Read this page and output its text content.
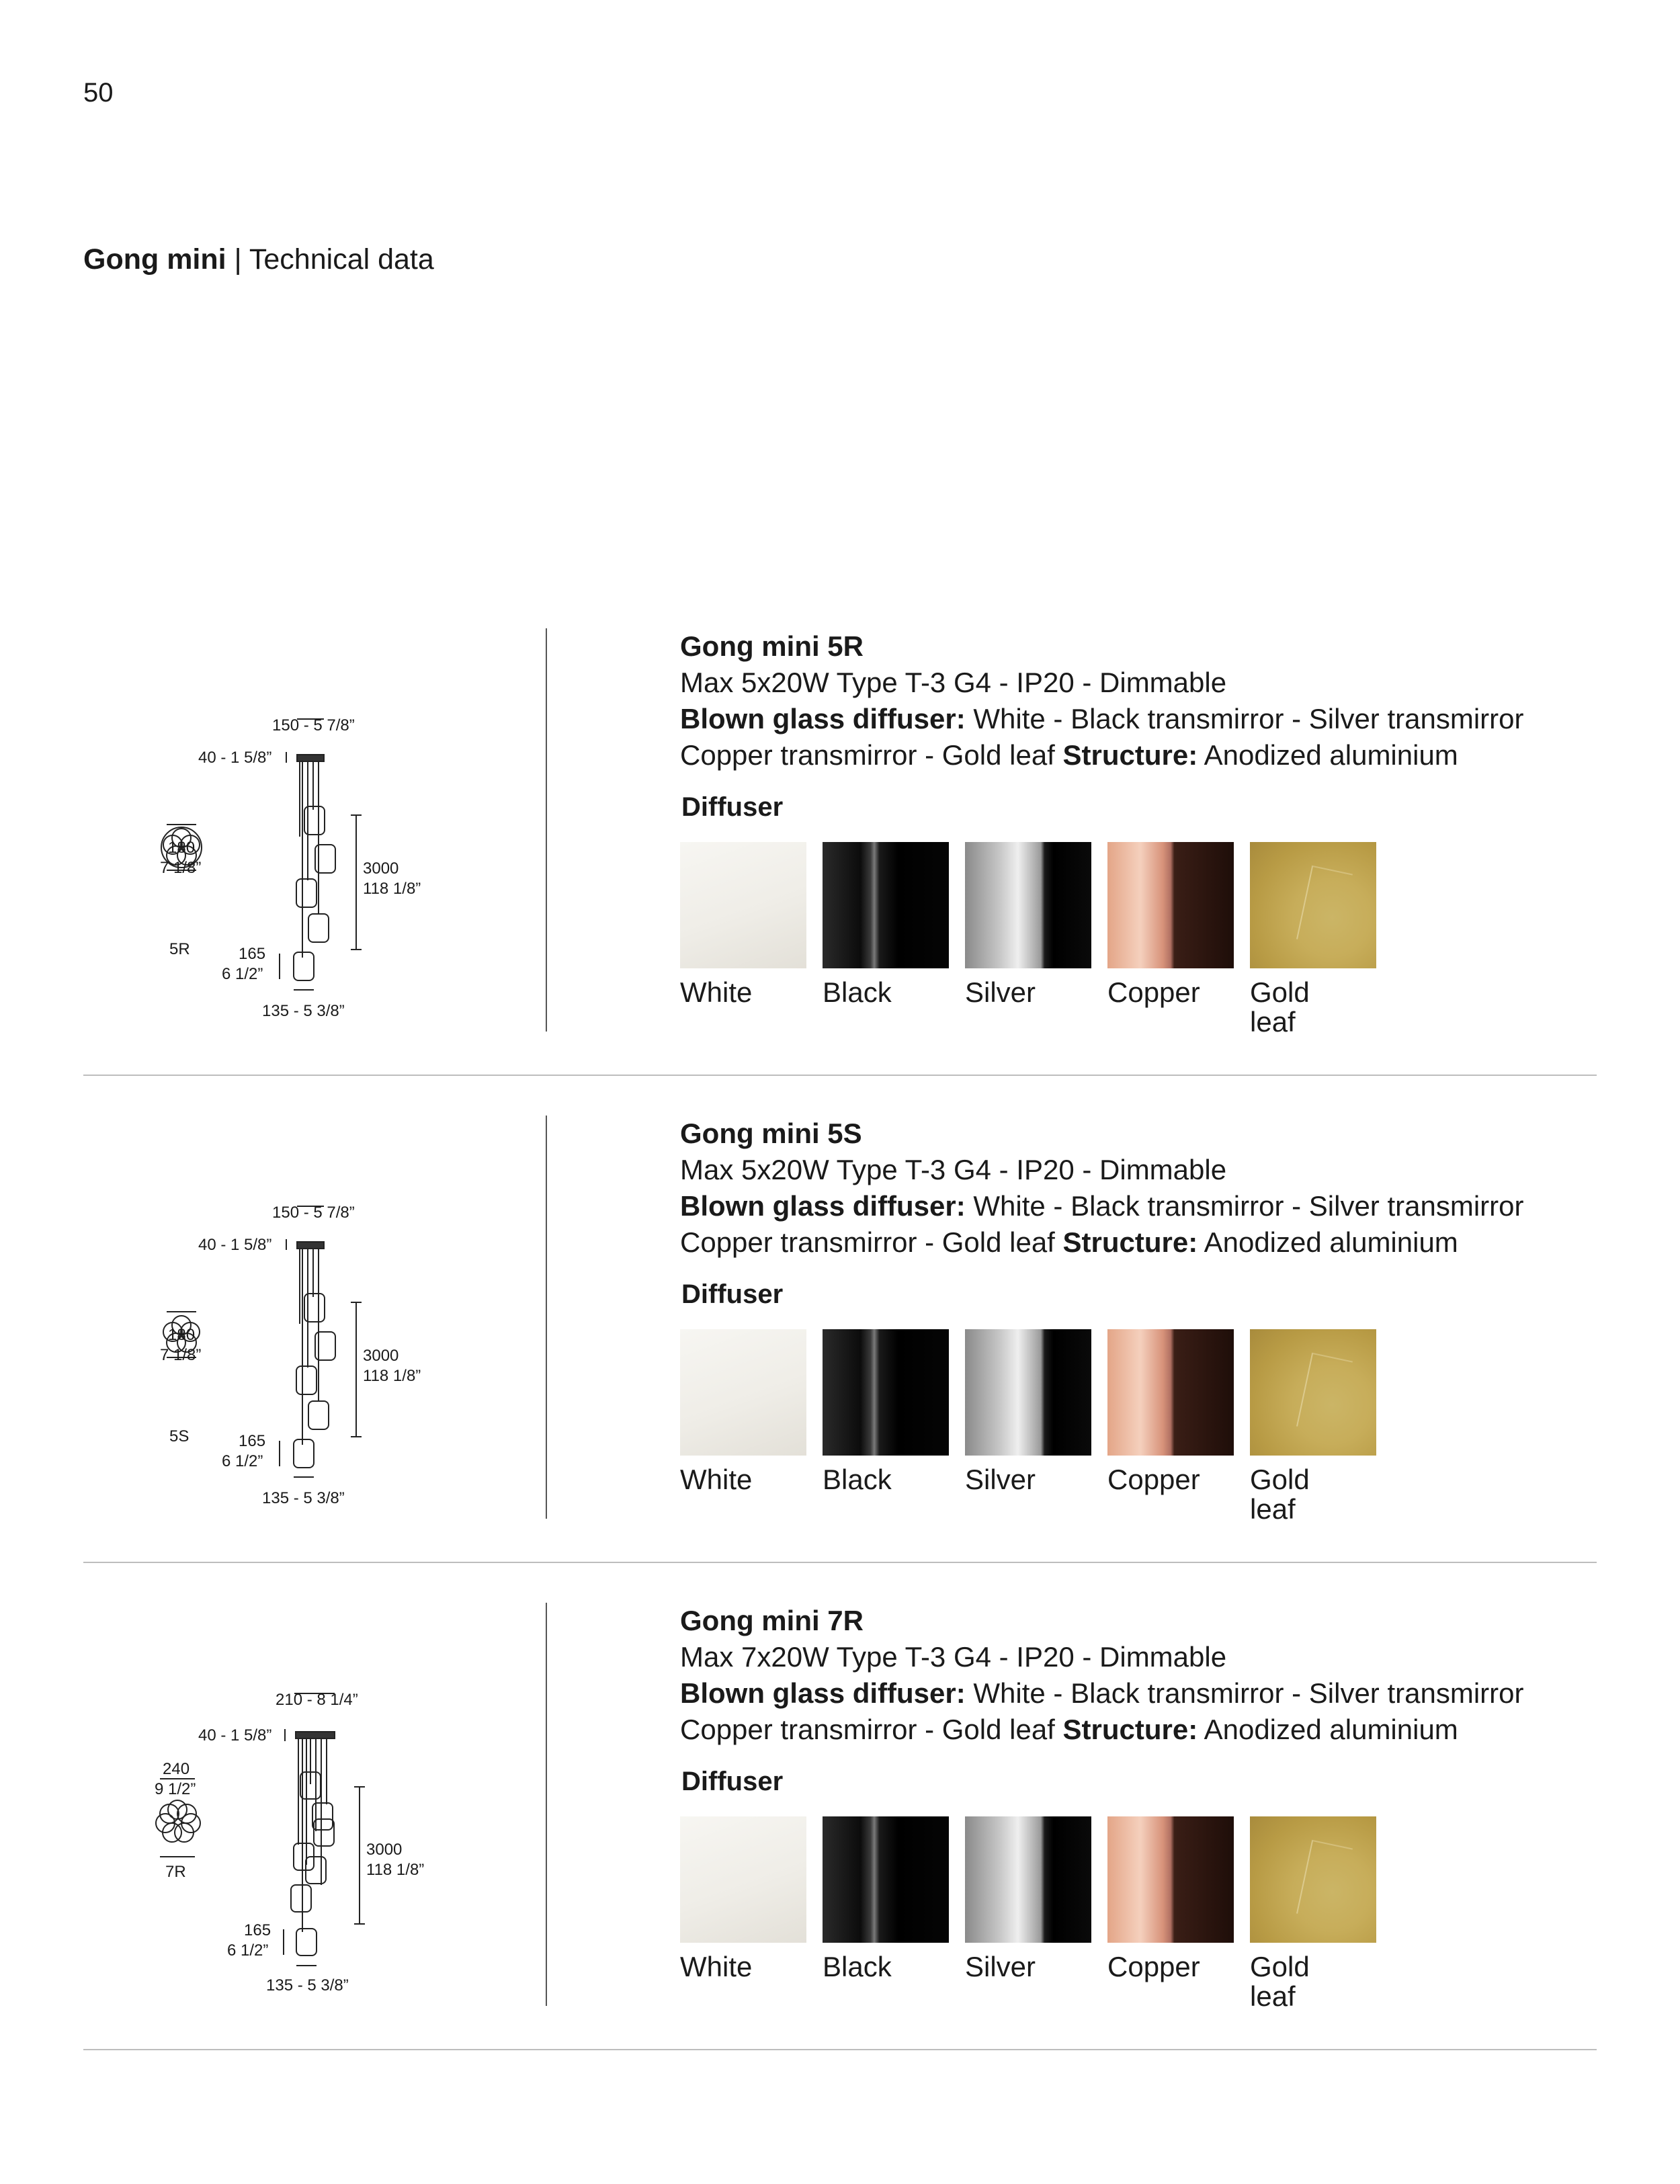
50
Gong mini | Technical data
150 - 5 7/8”
40 - 1 5/8”
3000
118 1/8”
180
7 1/8”
5R	165
6 1/2”
135 - 5 3/8”
Gong mini 5R
Max 5x20W Type T-3 G4 - IP20 - Dimmable
Blown glass diffuser: White - Black transmirror - Silver transmirror
Copper transmirror - Gold leaf Structure: Anodized aluminium
Diffuser
White	Black	Silver	Copper	Gold leaf
150 - 5 7/8”
40 - 1 5/8”
3000
118 1/8”
180
7 1/8”
5S	165
6 1/2”
135 - 5 3/8”
Gong mini 5S
Max 5x20W Type T-3 G4 - IP20 - Dimmable
Blown glass diffuser: White - Black transmirror - Silver transmirror
Copper transmirror - Gold leaf Structure: Anodized aluminium
Diffuser
White	Black	Silver	Copper	Gold leaf
210 - 8 1/4”
40 - 1 5/8”
3000
118 1/8”
240
9 1/2”
7R
165
6 1/2”
135 - 5 3/8”
Gong mini 7R
Max 7x20W Type T-3 G4 - IP20 - Dimmable
Blown glass diffuser: White - Black transmirror - Silver transmirror
Copper transmirror - Gold leaf Structure: Anodized aluminium
Diffuser
White	Black	Silver	Copper	Gold leaf
